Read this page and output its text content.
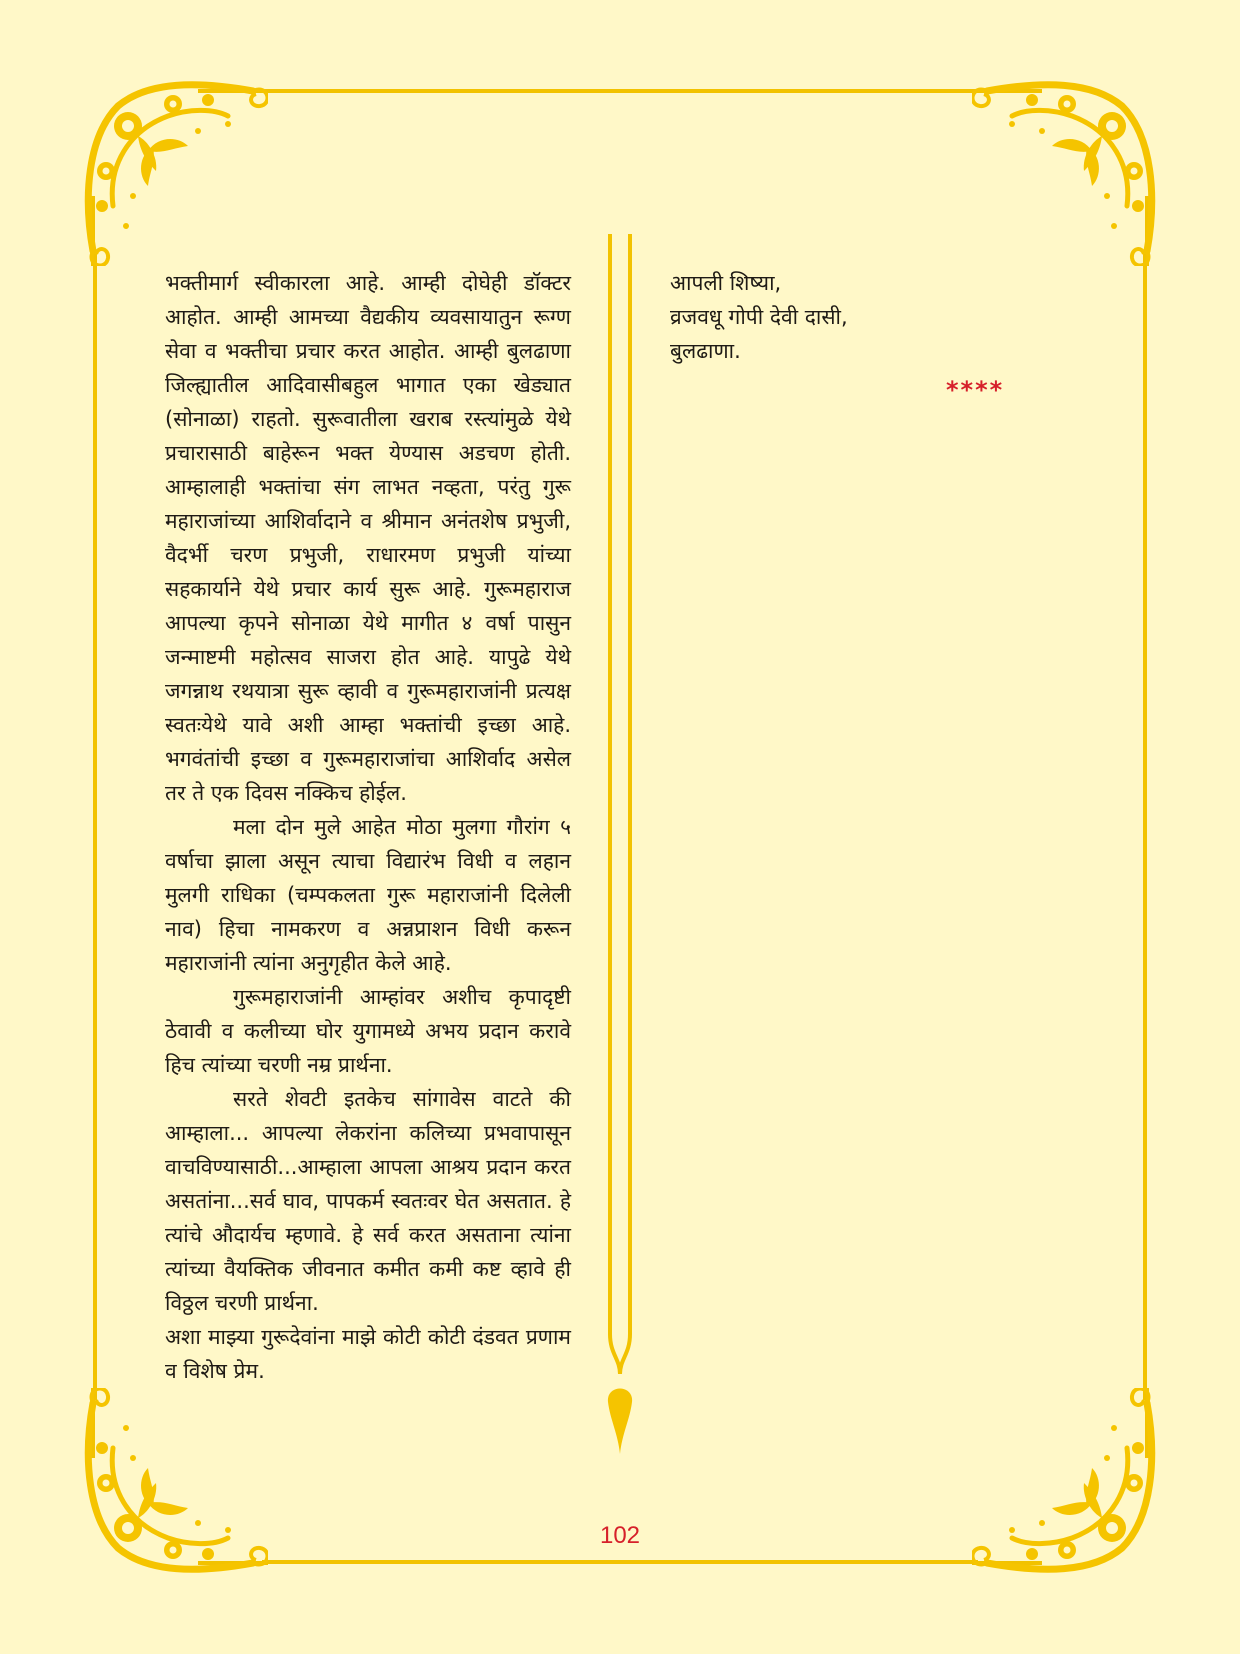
भक्तीमार्ग स्वीकारला आहे. आम्ही दोघेही डॉक्टर आहोत. आम्ही आमच्या वैद्यकीय व्यवसायातुन रूग्ण सेवा व भक्तीचा प्रचार करत आहोत. आम्ही बुलढाणा जिल्ह्यातील आदिवासीबहुल भागात एका खेड्यात (सोनाळा) राहतो. सुरूवातीला खराब रस्त्यांमुळे येथे प्रचारासाठी बाहेरून भक्त येण्यास अडचण होती. आम्हालाही भक्तांचा संग लाभत नव्हता, परंतु गुरू महाराजांच्या आशिर्वादाने व श्रीमान अनंतशेष प्रभुजी, वैदर्भी चरण प्रभुजी, राधारमण प्रभुजी यांच्या सहकार्याने येथे प्रचार कार्य सुरू आहे. गुरूमहाराज आपल्या कृपने सोनाळा येथे मागीत ४ वर्षा पासुन जन्माष्टमी महोत्सव साजरा होत आहे. यापुढे येथे जगन्नाथ रथयात्रा सुरू व्हावी व गुरूमहाराजांनी प्रत्यक्ष स्वतःयेथे यावे अशी आम्हा भक्तांची इच्छा आहे. भगवंतांची इच्छा व गुरूमहाराजांचा आशिर्वाद असेल तर ते एक दिवस नक्किच होईल.

मला दोन मुले आहेत मोठा मुलगा गौरांग ५ वर्षाचा झाला असून त्याचा विद्यारंभ विधी व लहान मुलगी राधिका (चम्पकलता गुरू महाराजांनी दिलेली नाव) हिचा नामकरण व अन्नप्राशन विधी करून महाराजांनी त्यांना अनुगृहीत केले आहे.

गुरूमहाराजांनी आम्हांवर अशीच कृपादृष्टी ठेवावी व कलीच्या घोर युगामध्ये अभय प्रदान करावे हिच त्यांच्या चरणी नम्र प्रार्थना.

सरते शेवटी इतकेच सांगावेस वाटते की आम्हाला... आपल्या लेकरांना कलिच्या प्रभवापासून वाचविण्यासाठी...आम्हाला आपला आश्रय प्रदान करत असतांना...सर्व घाव, पापकर्म स्वतःवर घेत असतात. हे त्यांचे औदार्यच म्हणावे. हे सर्व करत असताना त्यांना त्यांच्या वैयक्तिक जीवनात कमीत कमी कष्ट व्हावे ही विठ्ठल चरणी प्रार्थना.

अशा माझ्या गुरूदेवांना माझे कोटी कोटी दंडवत प्रणाम व विशेष प्रेम.

आपली शिष्या,

व्रजवधू गोपी देवी दासी,

बुलढाणा.

****
102
